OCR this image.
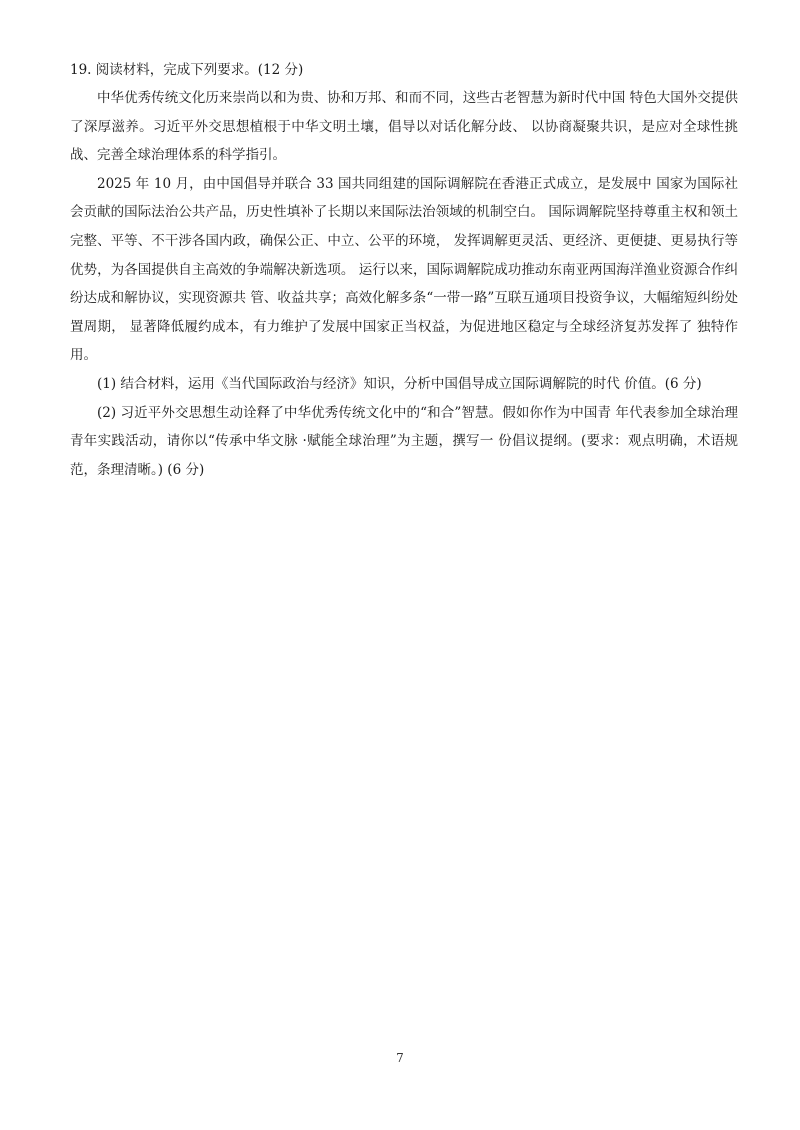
19. 阅读材料，完成下列要求。(12 分)

中华优秀传统文化历来崇尚以和为贵、协和万邦、和而不同，这些古老智慧为新时代中国 特色大国外交提供了深厚滋养。习近平外交思想植根于中华文明土壤，倡导以对话化解分歧、 以协商凝聚共识，是应对全球性挑战、完善全球治理体系的科学指引。

2025 年 10 月，由中国倡导并联合 33 国共同组建的国际调解院在香港正式成立，是发展中 国家为国际社会贡献的国际法治公共产品，历史性填补了长期以来国际法治领域的机制空白。 国际调解院坚持尊重主权和领土完整、平等、不干涉各国内政，确保公正、中立、公平的环境， 发挥调解更灵活、更经济、更便捷、更易执行等优势，为各国提供自主高效的争端解决新选项。 运行以来，国际调解院成功推动东南亚两国海洋渔业资源合作纠纷达成和解协议，实现资源共 管、收益共享；高效化解多条“一带一路”互联互通项目投资争议，大幅缩短纠纷处置周期， 显著降低履约成本，有力维护了发展中国家正当权益，为促进地区稳定与全球经济复苏发挥了 独特作用。

(1) 结合材料，运用《当代国际政治与经济》知识，分析中国倡导成立国际调解院的时代 价值。(6 分)

(2) 习近平外交思想生动诠释了中华优秀传统文化中的“和合”智慧。假如你作为中国青 年代表参加全球治理青年实践活动，请你以“传承中华文脉 ·赋能全球治理”为主题，撰写一 份倡议提纲。(要求：观点明确，术语规范，条理清晰。) (6 分)

7
